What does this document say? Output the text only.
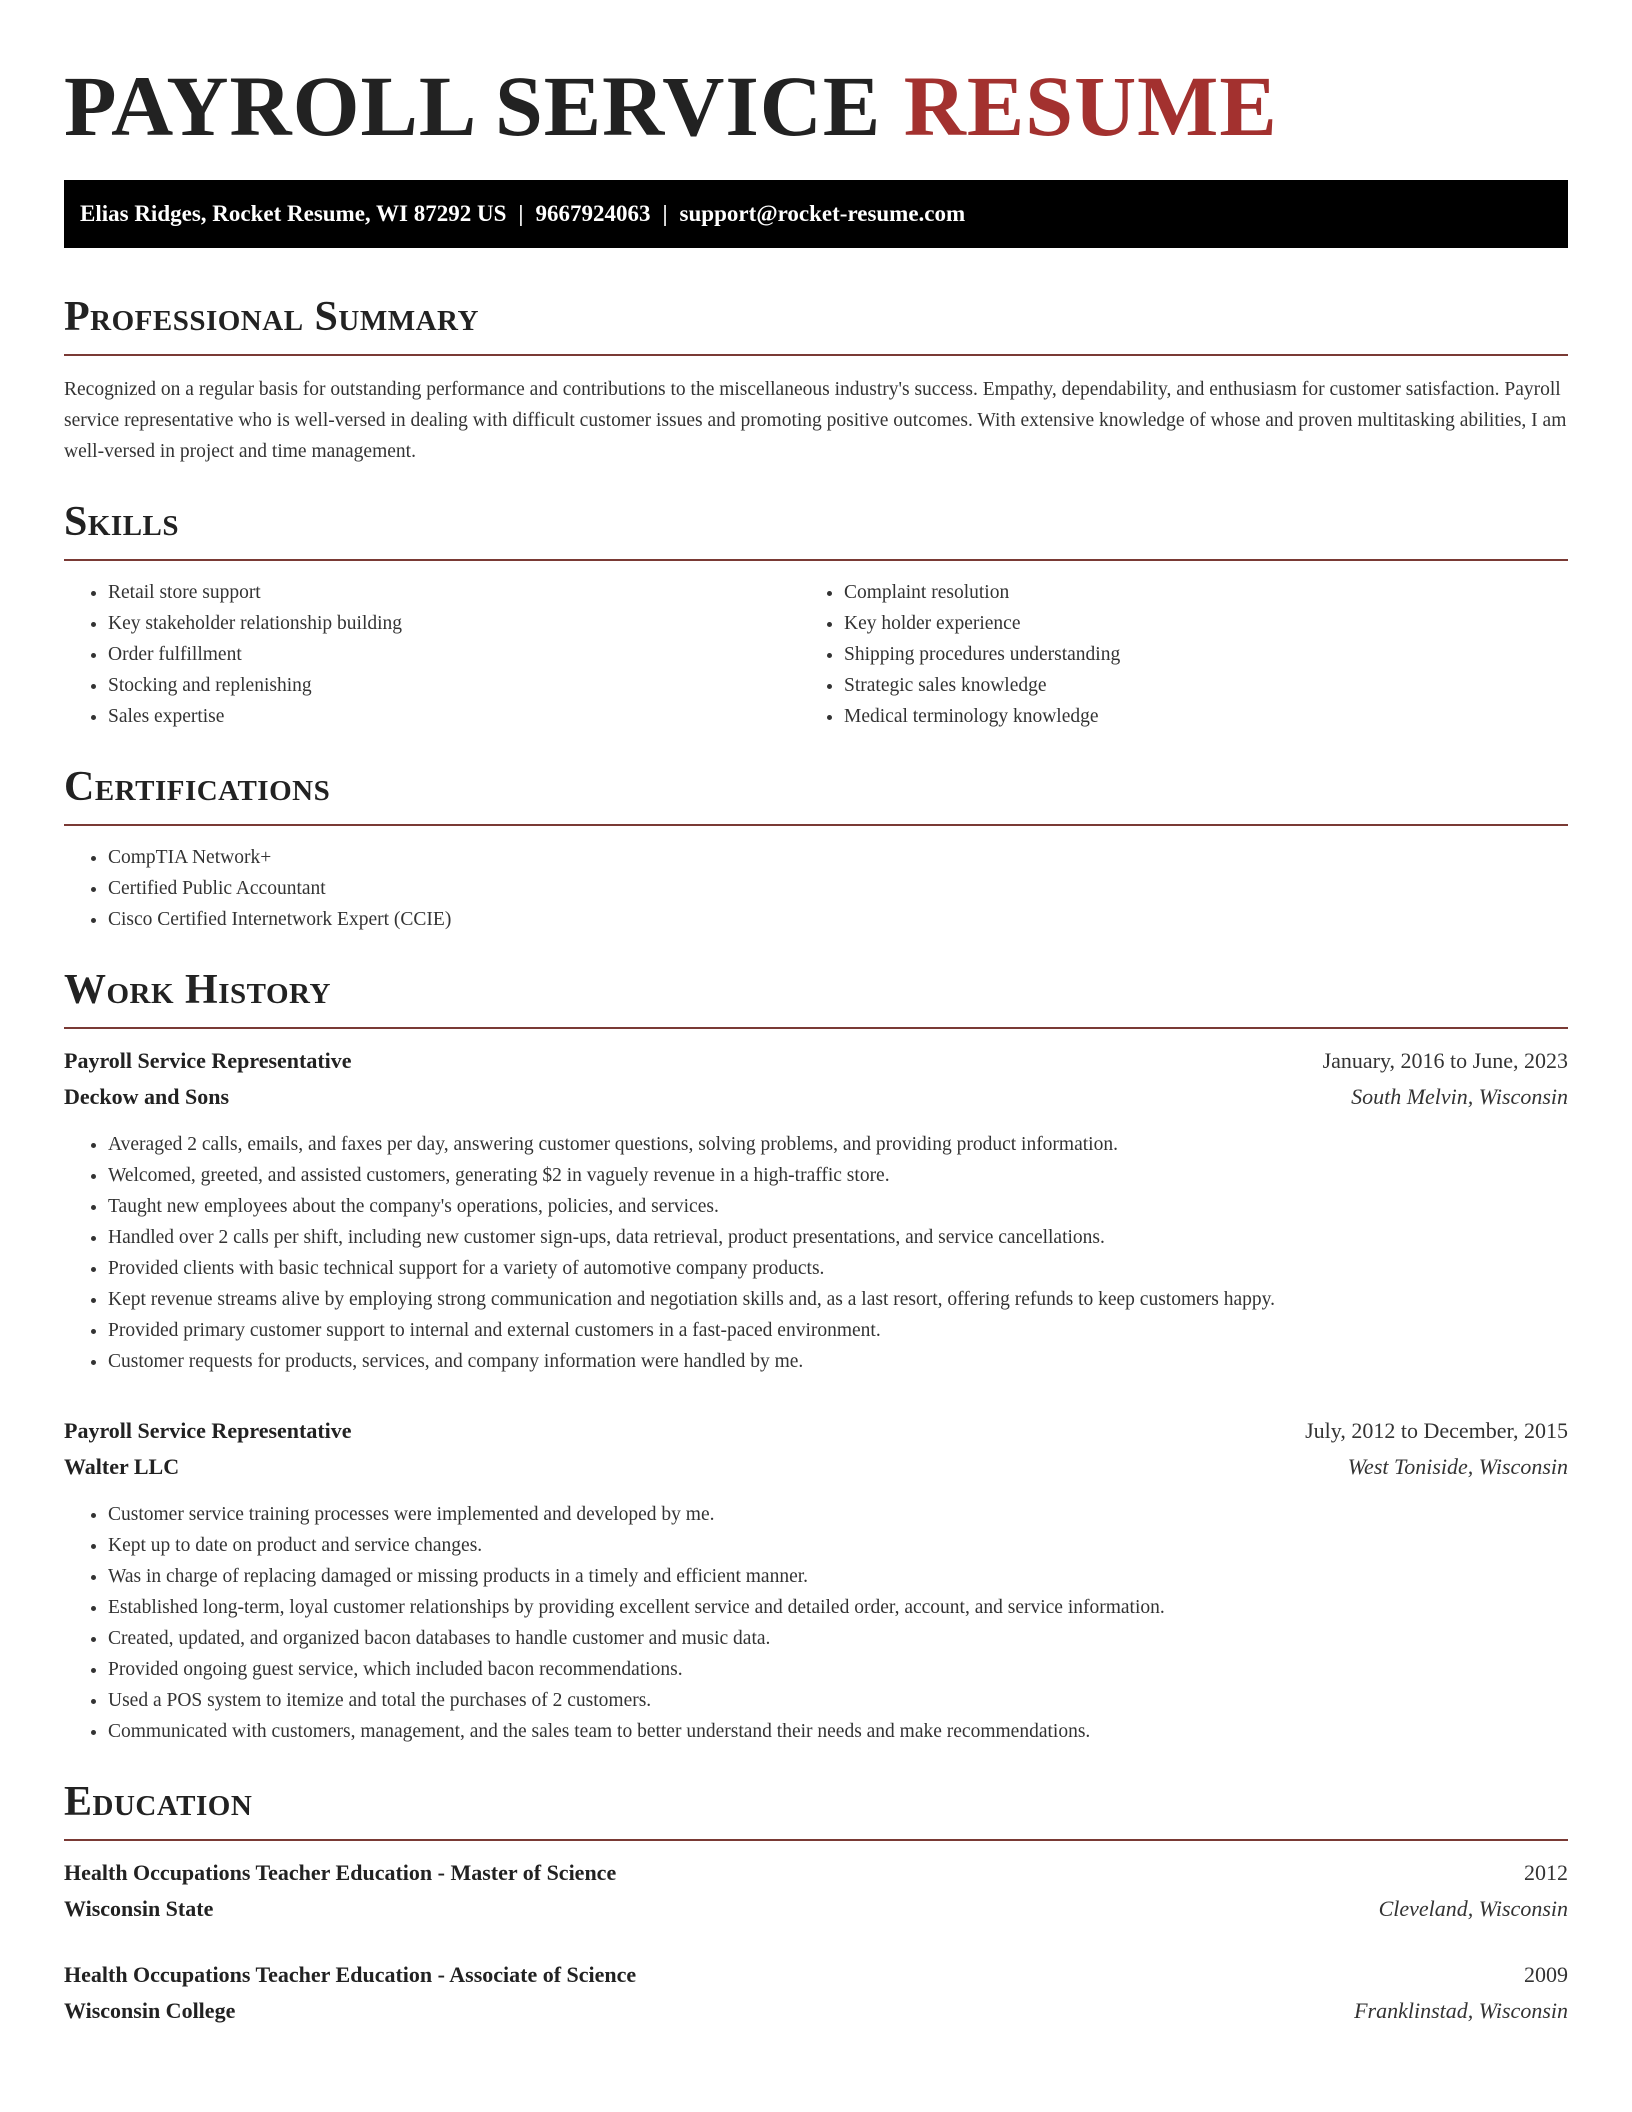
PAYROLL SERVICE RESUME
Elias Ridges, Rocket Resume, WI 87292 US | 9667924063 | support@rocket-resume.com
Professional Summary

Recognized on a regular basis for outstanding performance and contributions to the miscellaneous industry's success. Empathy, dependability, and enthusiasm for customer satisfaction. Payroll service representative who is well-versed in dealing with difficult customer issues and promoting positive outcomes. With extensive knowledge of whose and proven multitasking abilities, I am well-versed in project and time management.

Skills
• Retail store support
• Key stakeholder relationship building
• Order fulfillment
• Stocking and replenishing
• Sales expertise
• Complaint resolution
• Key holder experience
• Shipping procedures understanding
• Strategic sales knowledge
• Medical terminology knowledge
Certifications
• CompTIA Network+
• Certified Public Accountant
• Cisco Certified Internetwork Expert (CCIE)
Work History
Payroll Service Representative	January, 2016 to June, 2023
Deckow and Sons	South Melvin, Wisconsin
• Averaged 2 calls, emails, and faxes per day, answering customer questions, solving problems, and providing product information.
• Welcomed, greeted, and assisted customers, generating $2 in vaguely revenue in a high-traffic store.
• Taught new employees about the company's operations, policies, and services.
• Handled over 2 calls per shift, including new customer sign-ups, data retrieval, product presentations, and service cancellations.
• Provided clients with basic technical support for a variety of automotive company products.
• Kept revenue streams alive by employing strong communication and negotiation skills and, as a last resort, offering refunds to keep customers happy.
• Provided primary customer support to internal and external customers in a fast-paced environment.
• Customer requests for products, services, and company information were handled by me.
Payroll Service Representative	July, 2012 to December, 2015
Walter LLC	West Toniside, Wisconsin
• Customer service training processes were implemented and developed by me.
• Kept up to date on product and service changes.
• Was in charge of replacing damaged or missing products in a timely and efficient manner.
• Established long-term, loyal customer relationships by providing excellent service and detailed order, account, and service information.
• Created, updated, and organized bacon databases to handle customer and music data.
• Provided ongoing guest service, which included bacon recommendations.
• Used a POS system to itemize and total the purchases of 2 customers.
• Communicated with customers, management, and the sales team to better understand their needs and make recommendations.
Education
Health Occupations Teacher Education - Master of Science	2012
Wisconsin State	Cleveland, Wisconsin
Health Occupations Teacher Education - Associate of Science	2009
Wisconsin College	Franklinstad, Wisconsin
